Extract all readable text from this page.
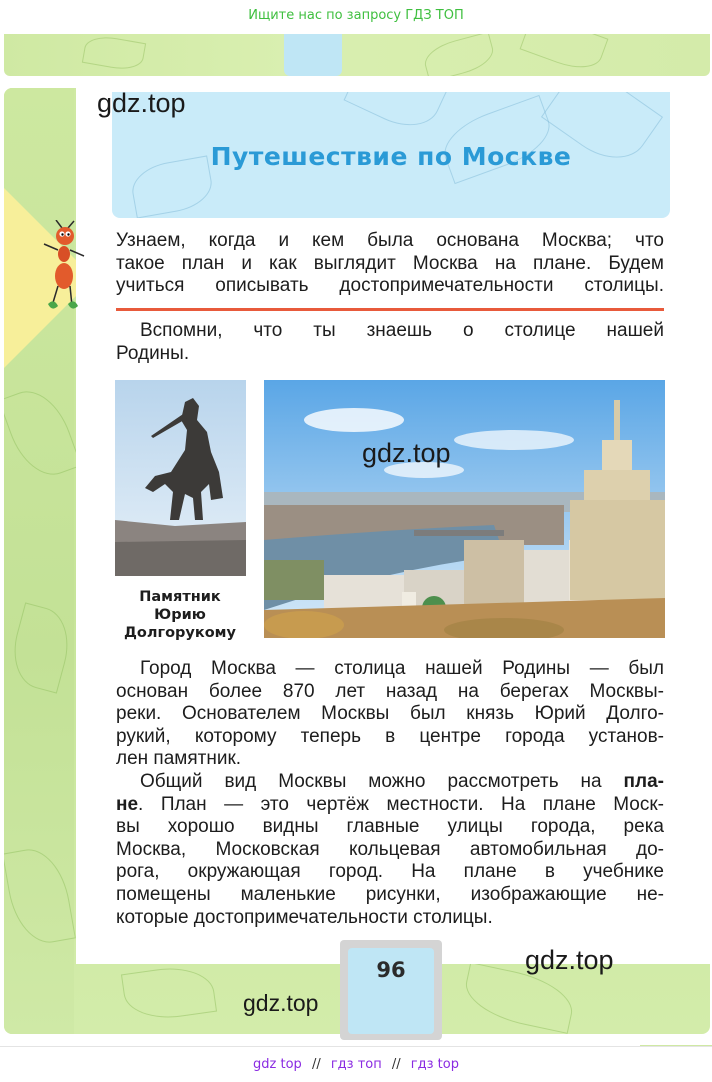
Ищите нас по запросу ГДЗ ТОП
Путешествие по Москве
gdz.top
Узнаем, когда и кем была основана Москва; что
такое план и как выглядит Москва на плане. Будем
учиться описывать достопримечательности столицы.
Вспомни, что ты знаешь о столице нашей
Родины.
Памятник
Юрию
Долгорукому
gdz.top
Город Москва — столица нашей Родины — был
основан более 870 лет назад на берегах Москвы-
реки. Основателем Москвы был князь Юрий Долго-
рукий, которому теперь в центре города установ-
лен памятник.
Общий вид Москвы можно рассмотреть на пла-
не. План — это чертёж местности. На плане Моск-
вы хорошо видны главные улицы города, река
Москва, Московская кольцевая автомобильная до-
рога, окружающая город. На плане в учебнике
помещены маленькие рисунки, изображающие не-
которые достопримечательности столицы.
96	gdz.top
gdz.top
gdz top // гдз топ // гдз top
